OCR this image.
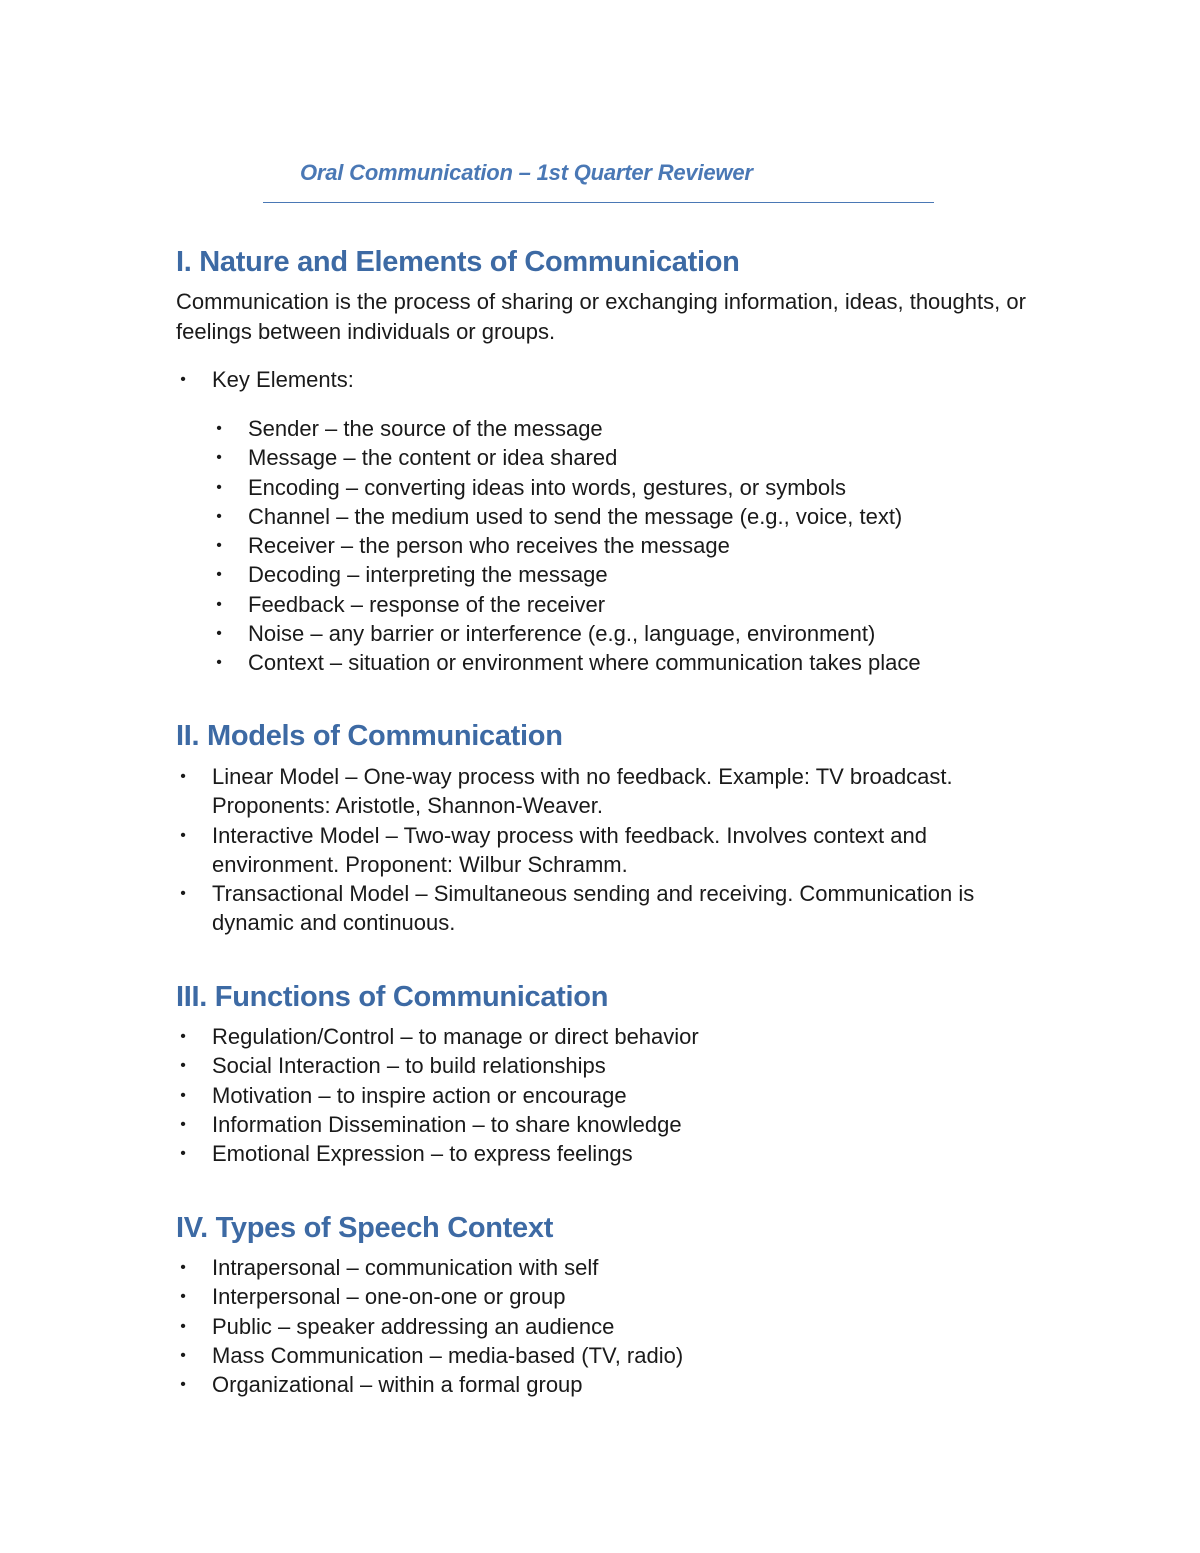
Oral Communication – 1st Quarter Reviewer
I. Nature and Elements of Communication

Communication is the process of sharing or exchanging information, ideas, thoughts, or feelings between individuals or groups.

• Key Elements:
• Sender – the source of the message
• Message – the content or idea shared
• Encoding – converting ideas into words, gestures, or symbols
• Channel – the medium used to send the message (e.g., voice, text)
• Receiver – the person who receives the message
• Decoding – interpreting the message
• Feedback – response of the receiver
• Noise – any barrier or interference (e.g., language, environment)
• Context – situation or environment where communication takes place
II. Models of Communication
• Linear Model – One-way process with no feedback. Example: TV broadcast. Proponents: Aristotle, Shannon-Weaver.
• Interactive Model – Two-way process with feedback. Involves context and environment. Proponent: Wilbur Schramm.
• Transactional Model – Simultaneous sending and receiving. Communication is dynamic and continuous.
III. Functions of Communication
• Regulation/Control – to manage or direct behavior
• Social Interaction – to build relationships
• Motivation – to inspire action or encourage
• Information Dissemination – to share knowledge
• Emotional Expression – to express feelings
IV. Types of Speech Context
• Intrapersonal – communication with self
• Interpersonal – one-on-one or group
• Public – speaker addressing an audience
• Mass Communication – media-based (TV, radio)
• Organizational – within a formal group
